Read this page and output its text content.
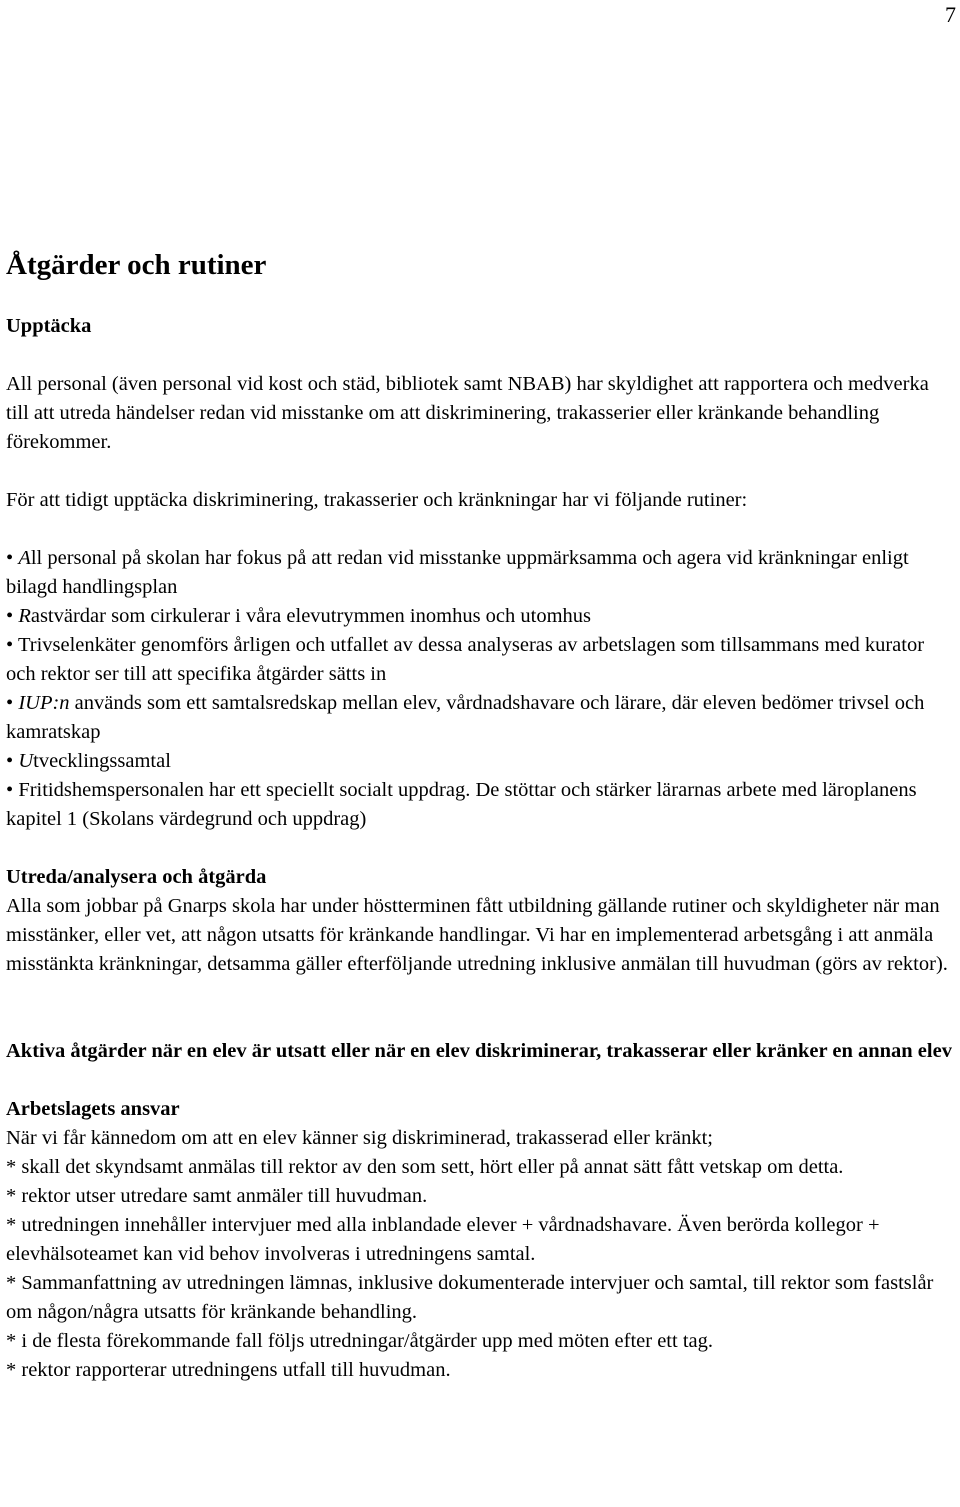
7
Åtgärder och rutiner
Upptäcka

All personal (även personal vid kost och städ, bibliotek samt NBAB) har skyldighet att rapportera och medverka till att utreda händelser redan vid misstanke om att diskriminering, trakasserier eller kränkande behandling förekommer.

För att tidigt upptäcka diskriminering, trakasserier och kränkningar har vi följande rutiner:

• All personal på skolan har fokus på att redan vid misstanke uppmärksamma och agera vid kränkningar enligt bilagd handlingsplan
• Rastvärdar som cirkulerar i våra elevutrymmen inomhus och utomhus
• Trivselenkäter genomförs årligen och utfallet av dessa analyseras av arbetslagen som tillsammans med kurator och rektor ser till att specifika åtgärder sätts in
• IUP:n används som ett samtalsredskap mellan elev, vårdnadshavare och lärare, där eleven bedömer trivsel och kamratskap
• Utvecklingssamtal
• Fritidshemspersonalen har ett speciellt socialt uppdrag. De stöttar och stärker lärarnas arbete med läroplanens kapitel 1 (Skolans värdegrund och uppdrag)
Utreda/analysera och åtgärda

Alla som jobbar på Gnarps skola har under höstterminen fått utbildning gällande rutiner och skyldigheter när man misstänker, eller vet, att någon utsatts för kränkande handlingar. Vi har en implementerad arbetsgång i att anmäla misstänkta kränkningar, detsamma gäller efterföljande utredning inklusive anmälan till huvudman (görs av rektor).

Aktiva åtgärder när en elev är utsatt eller när en elev diskriminerar, trakasserar eller kränker en annan elev
Arbetslagets ansvar

När vi får kännedom om att en elev känner sig diskriminerad, trakasserad eller kränkt;

* skall det skyndsamt anmälas till rektor av den som sett, hört eller på annat sätt fått vetskap om detta.

* rektor utser utredare samt anmäler till huvudman.

* utredningen innehåller intervjuer med alla inblandade elever + vårdnadshavare. Även berörda kollegor + elevhälsoteamet kan vid behov involveras i utredningens samtal.

* Sammanfattning av utredningen lämnas, inklusive dokumenterade intervjuer och samtal, till rektor som fastslår om någon/några utsatts för kränkande behandling.

* i de flesta förekommande fall följs utredningar/åtgärder upp med möten efter ett tag.

* rektor rapporterar utredningens utfall till huvudman.
